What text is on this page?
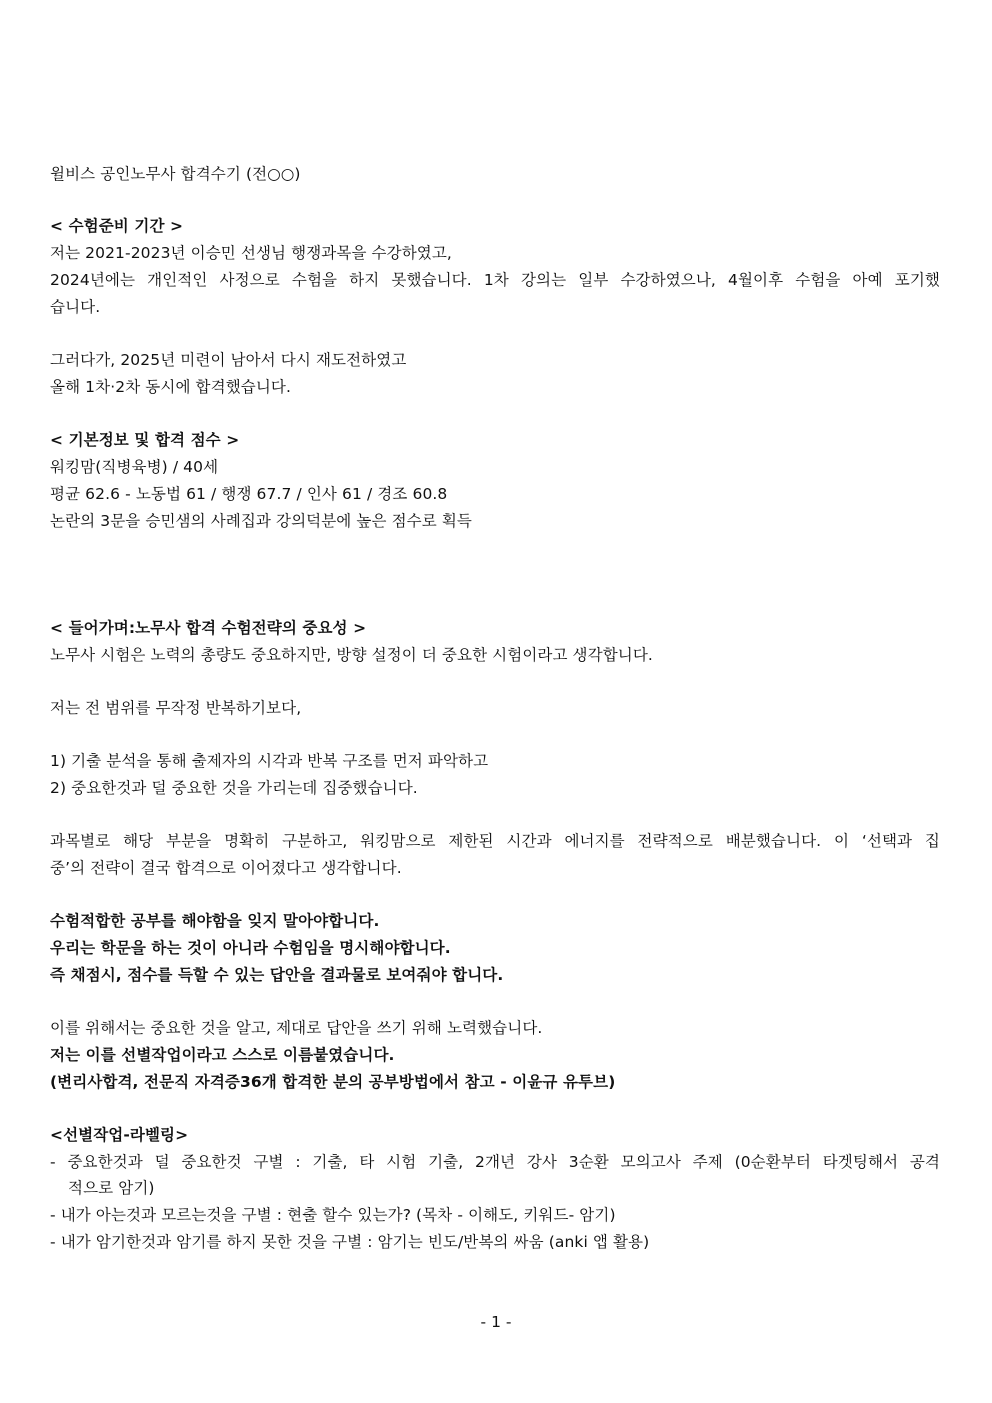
윌비스 공인노무사 합격수기 (전○○)
< 수험준비 기간 >
저는 2021-2023년 이승민 선생님 행쟁과목을 수강하였고,
2024년에는 개인적인 사정으로 수험을 하지 못했습니다. 1차 강의는 일부 수강하였으나, 4월이후 수험을 아예 포기했
습니다.
그러다가, 2025년 미련이 남아서 다시 재도전하였고
올해 1차·2차 동시에 합격했습니다.
< 기본정보 및 합격 점수 >
워킹맘(직병육병) / 40세
평균 62.6 - 노동법 61 / 행쟁 67.7 / 인사 61 / 경조 60.8
논란의 3문을 승민샘의 사례집과 강의덕분에 높은 점수로 획득
< 들어가며:노무사 합격 수험전략의 중요성 >
노무사 시험은 노력의 총량도 중요하지만, 방향 설정이 더 중요한 시험이라고 생각합니다.
저는 전 범위를 무작정 반복하기보다,
1) 기출 분석을 통해 출제자의 시각과 반복 구조를 먼저 파악하고
2) 중요한것과 덜 중요한 것을 가리는데 집중했습니다.
과목별로 해당 부분을 명확히 구분하고, 워킹맘으로 제한된 시간과 에너지를 전략적으로 배분했습니다. 이 ‘선택과 집
중’의 전략이 결국 합격으로 이어졌다고 생각합니다.
수험적합한 공부를 해야함을 잊지 말아야합니다.
우리는 학문을 하는 것이 아니라 수험임을 명시해야합니다.
즉 채점시, 점수를 득할 수 있는 답안을 결과물로 보여줘야 합니다.
이를 위해서는 중요한 것을 알고, 제대로 답안을 쓰기 위해 노력했습니다.
저는 이를 선별작업이라고 스스로 이름붙였습니다.
(변리사합격, 전문직 자격증36개 합격한 분의 공부방법에서 참고 - 이윤규 유투브)
<선별작업-라벨링>
- 중요한것과 덜 중요한것 구별 : 기출, 타 시험 기출, 2개년 강사 3순환 모의고사 주제 (0순환부터 타겟팅해서 공격
적으로 암기)
- 내가 아는것과 모르는것을 구별 : 현출 할수 있는가? (목차 - 이해도, 키워드- 암기)
- 내가 암기한것과 암기를 하지 못한 것을 구별 : 암기는 빈도/반복의 싸움 (anki 앱 활용)
- 1 -
